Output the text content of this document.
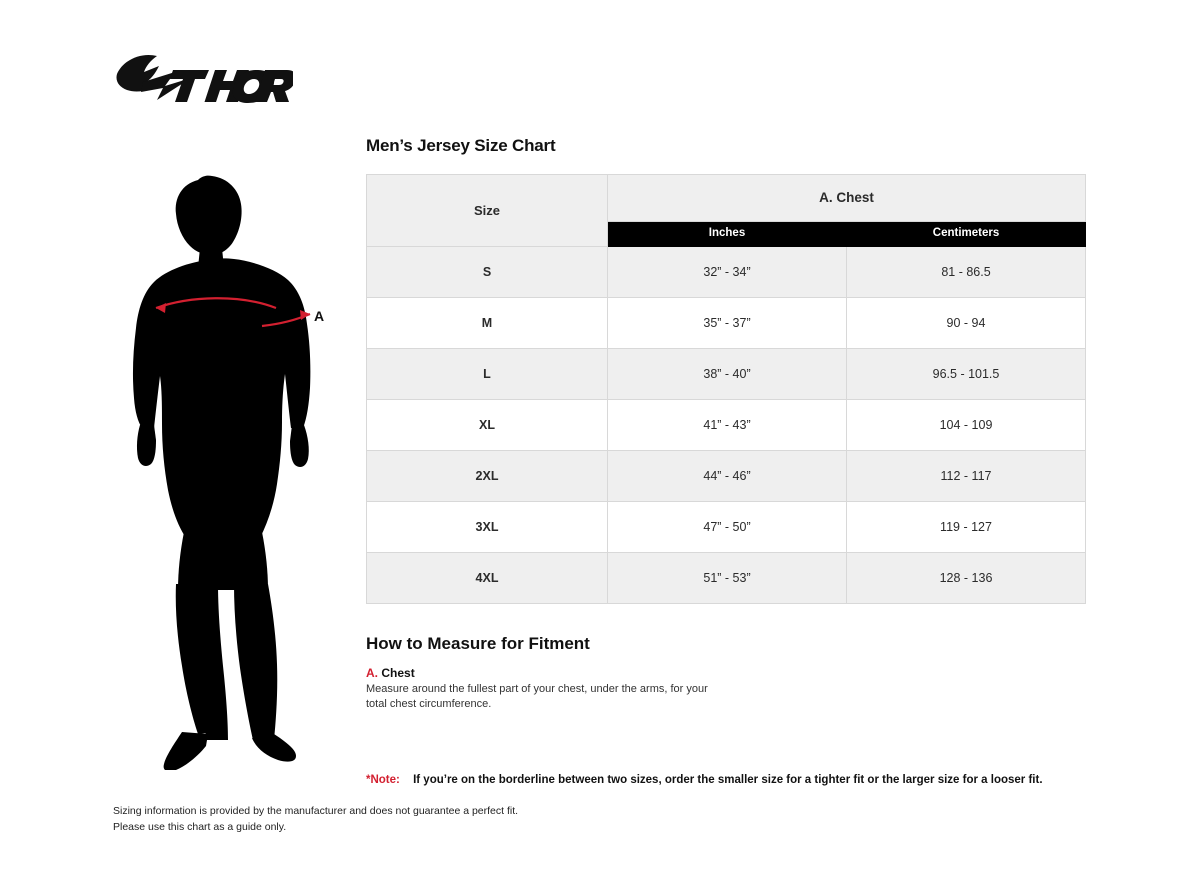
A
Men’s Jersey Size Chart
Size	A. Chest	
	Inches	Centimeters
S	32” - 34”	81 - 86.5
M	35” - 37”	90 - 94
L	38” - 40”	96.5 - 101.5
XL	41” - 43”	104 - 109
2XL	44” - 46”	112 - 117
3XL	47” - 50”	119 - 127
4XL	51” - 53”	128 - 136
How to Measure for Fitment
A. Chest
Measure around the fullest part of your chest, under the arms, for your
total chest circumference.
*Note: If you’re on the borderline between two sizes, order the smaller size for a tighter fit or the larger size for a looser fit.
Sizing information is provided by the manufacturer and does not guarantee a perfect fit.
Please use this chart as a guide only.
